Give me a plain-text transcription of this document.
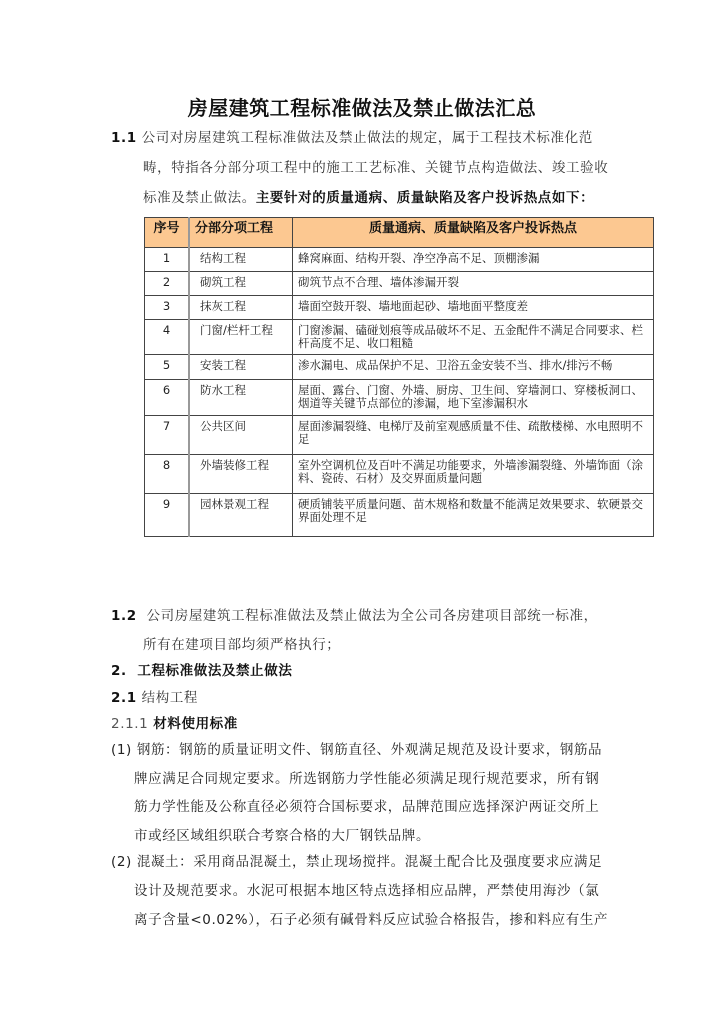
房屋建筑工程标准做法及禁止做法汇总
1.1 公司对房屋建筑工程标准做法及禁止做法的规定，属于工程技术标准化范
畴，特指各分部分项工程中的施工工艺标准、关键节点构造做法、竣工验收
标准及禁止做法。主要针对的质量通病、质量缺陷及客户投诉热点如下：
序号	分部分项工程	质量通病、质量缺陷及客户投诉热点
1	结构工程	蜂窝麻面、结构开裂、净空净高不足、顶棚渗漏
2	砌筑工程	砌筑节点不合理、墙体渗漏开裂
3	抹灰工程	墙面空鼓开裂、墙地面起砂、墙地面平整度差
4	门窗/栏杆工程	门窗渗漏、磕碰划痕等成品破坏不足、五金配件不满足合同要求、栏杆高度不足、收口粗糙
5	安装工程	渗水漏电、成品保护不足、卫浴五金安装不当、排水/排污不畅
6	防水工程	屋面、露台、门窗、外墙、厨房、卫生间、穿墙洞口、穿楼板洞口、烟道等关键节点部位的渗漏，地下室渗漏积水
7	公共区间	屋面渗漏裂缝、电梯厅及前室观感质量不佳、疏散楼梯、水电照明不足
8	外墙装修工程	室外空调机位及百叶不满足功能要求，外墙渗漏裂缝、外墙饰面（涂料、瓷砖、石材）及交界面质量问题
9	园林景观工程	硬质铺装平质量问题、苗木规格和数量不能满足效果要求、软硬景交界面处理不足
1.2 公司房屋建筑工程标准做法及禁止做法为全公司各房建项目部统一标准，
所有在建项目部均须严格执行；
2. 工程标准做法及禁止做法
2.1 结构工程
2.1.1 材料使用标准
(1) 钢筋：钢筋的质量证明文件、钢筋直径、外观满足规范及设计要求，钢筋品
牌应满足合同规定要求。所选钢筋力学性能必须满足现行规范要求，所有钢
筋力学性能及公称直径必须符合国标要求，品牌范围应选择深沪两证交所上
市或经区域组织联合考察合格的大厂钢铁品牌。
(2) 混凝土：采用商品混凝土，禁止现场搅拌。混凝土配合比及强度要求应满足
设计及规范要求。水泥可根据本地区特点选择相应品牌，严禁使用海沙（氯
离子含量<0.02%），石子必须有碱骨料反应试验合格报告，掺和料应有生产
